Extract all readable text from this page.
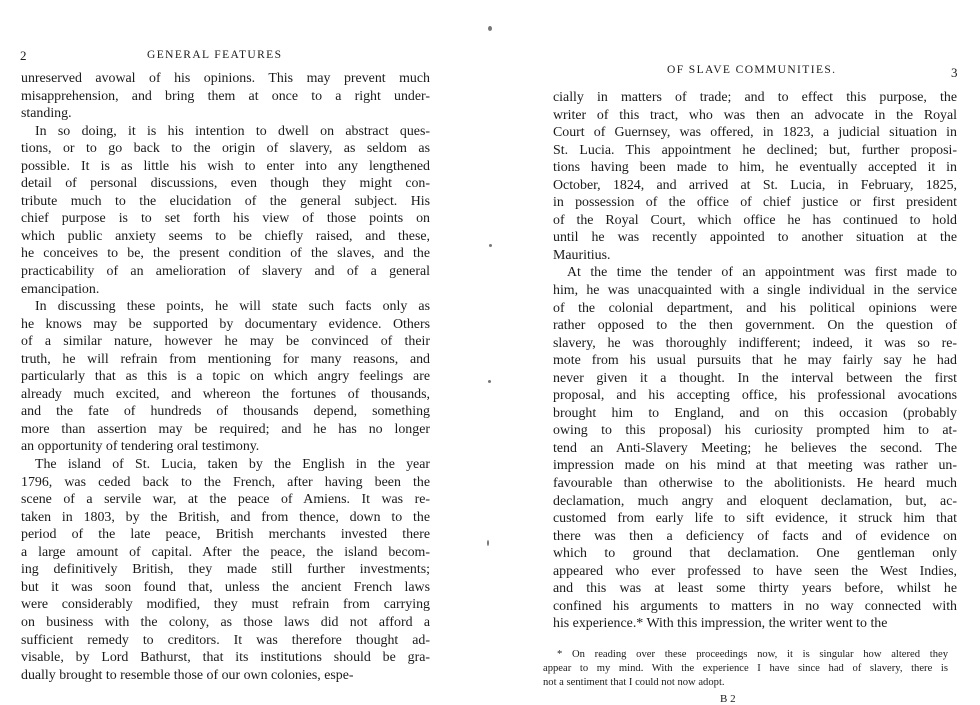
2	GENERAL FEATURES
unreserved avowal of his opinions. This may prevent much
misapprehension, and bring them at once to a right under-
standing.
In so doing, it is his intention to dwell on abstract ques-
tions, or to go back to the origin of slavery, as seldom as
possible. It is as little his wish to enter into any lengthened
detail of personal discussions, even though they might con-
tribute much to the elucidation of the general subject. His
chief purpose is to set forth his view of those points on
which public anxiety seems to be chiefly raised, and these,
he conceives to be, the present condition of the slaves, and the
practicability of an amelioration of slavery and of a general
emancipation.
In discussing these points, he will state such facts only as
he knows may be supported by documentary evidence. Others
of a similar nature, however he may be convinced of their
truth, he will refrain from mentioning for many reasons, and
particularly that as this is a topic on which angry feelings are
already much excited, and whereon the fortunes of thousands,
and the fate of hundreds of thousands depend, something
more than assertion may be required; and he has no longer
an opportunity of tendering oral testimony.
The island of St. Lucia, taken by the English in the year
1796, was ceded back to the French, after having been the
scene of a servile war, at the peace of Amiens. It was re-
taken in 1803, by the British, and from thence, down to the
period of the late peace, British merchants invested there
a large amount of capital. After the peace, the island becom-
ing definitively British, they made still further investments;
but it was soon found that, unless the ancient French laws
were considerably modified, they must refrain from carrying
on business with the colony, as those laws did not afford a
sufficient remedy to creditors. It was therefore thought ad-
visable, by Lord Bathurst, that its institutions should be gra-
dually brought to resemble those of our own colonies, espe-
OF SLAVE COMMUNITIES.	3
cially in matters of trade; and to effect this purpose, the
writer of this tract, who was then an advocate in the Royal
Court of Guernsey, was offered, in 1823, a judicial situation in
St. Lucia. This appointment he declined; but, further proposi-
tions having been made to him, he eventually accepted it in
October, 1824, and arrived at St. Lucia, in February, 1825,
in possession of the office of chief justice or first president
of the Royal Court, which office he has continued to hold
until he was recently appointed to another situation at the
Mauritius.
At the time the tender of an appointment was first made to
him, he was unacquainted with a single individual in the service
of the colonial department, and his political opinions were
rather opposed to the then government. On the question of
slavery, he was thoroughly indifferent; indeed, it was so re-
mote from his usual pursuits that he may fairly say he had
never given it a thought. In the interval between the first
proposal, and his accepting office, his professional avocations
brought him to England, and on this occasion (probably
owing to this proposal) his curiosity prompted him to at-
tend an Anti-Slavery Meeting; he believes the second. The
impression made on his mind at that meeting was rather un-
favourable than otherwise to the abolitionists. He heard much
declamation, much angry and eloquent declamation, but, ac-
customed from early life to sift evidence, it struck him that
there was then a deficiency of facts and of evidence on
which to ground that declamation. One gentleman only
appeared who ever professed to have seen the West Indies,
and this was at least some thirty years before, whilst he
confined his arguments to matters in no way connected with
his experience.* With this impression, the writer went to the
* On reading over these proceedings now, it is singular how altered they
appear to my mind. With the experience I have since had of slavery, there is
not a sentiment that I could not now adopt.
B 2
